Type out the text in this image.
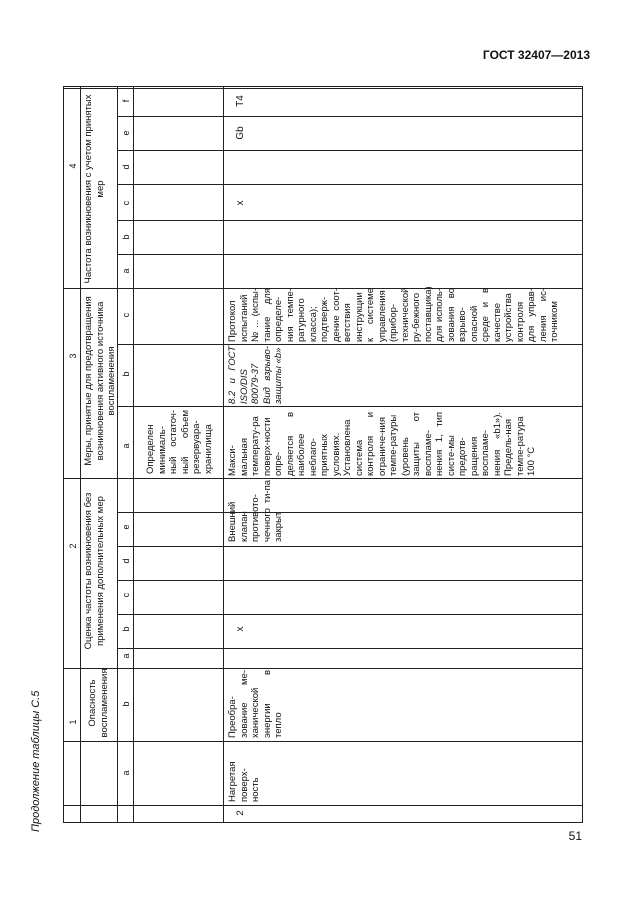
ГОСТ 32407—2013
Продолжение таблицы С.5
4
3
2
1
Частота возникновения с учетом принятых мер
Меры, принятые для предотвращения возникновения активного источника воспламенения
Оценка частоты возникновения без применения дополнительных мер
Опасность воспламенения
a
b
c
d
e
f
a
b
c
a
b
c
d
e
a
b
Определен минималь-ный остаточ-ный объем резервуара-хранилища
2
Нагретая поверх-ность
Преобра-зование ме-ханической энергии в тепло
x
Внешний клапан противото-чечного ти-па закрыт
Макси-мальная температу-ра поверх-ности опре-деляется в наиболее неблаго-приятных условиях. Установлена система контроля и ограниче-ния темпе-ратуры (уровень защиты от воспламе-нения 1, тип систе-мы предотв-ращения воспламе-нения «b1»). Предель-ная темпе-ратура 100 °C
8.2 и ГОСТ ISO/DIS 80079-37 Вид взрыво-защиты «b»
Протокол испытаний № ... (испы-тание для определе-ния темпе-ратурного класса); подтверж-дение соот-ветствия инструкции к системе управления (прибор-технической ру-бежного поставщика) для исполь-зования во взрыво-опасной среде и в качестве устройства контроля для управ-ления ис-точником
x
Gb
T4
51
